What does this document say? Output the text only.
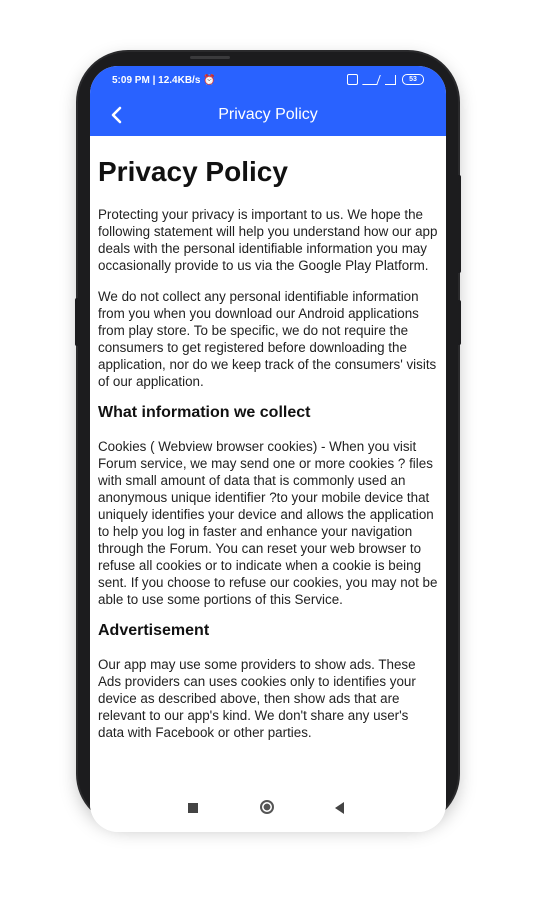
5:09 PM | 12.4KB/s ⏰	53
Privacy Policy
Privacy Policy

Protecting your privacy is important to us. We hope the following statement will help you understand how our app deals with the personal identifiable information you may occasionally provide to us via the Google Play Platform.

We do not collect any personal identifiable information from you when you download our Android applications from play store. To be specific, we do not require the consumers to get registered before downloading the application, nor do we keep track of the consumers' visits of our application.

What information we collect

Cookies ( Webview browser cookies) - When you visit Forum service, we may send one or more cookies ? files with small amount of data that is commonly used an anonymous unique identifier ?to your mobile device that uniquely identifies your device and allows the application to help you log in faster and enhance your navigation through the Forum. You can reset your web browser to refuse all cookies or to indicate when a cookie is being sent. If you choose to refuse our cookies, you may not be able to use some portions of this Service.

Advertisement

Our app may use some providers to show ads. These Ads providers can uses cookies only to identifies your device as described above, then show ads that are relevant to our app's kind. We don't share any user's data with Facebook or other parties.
